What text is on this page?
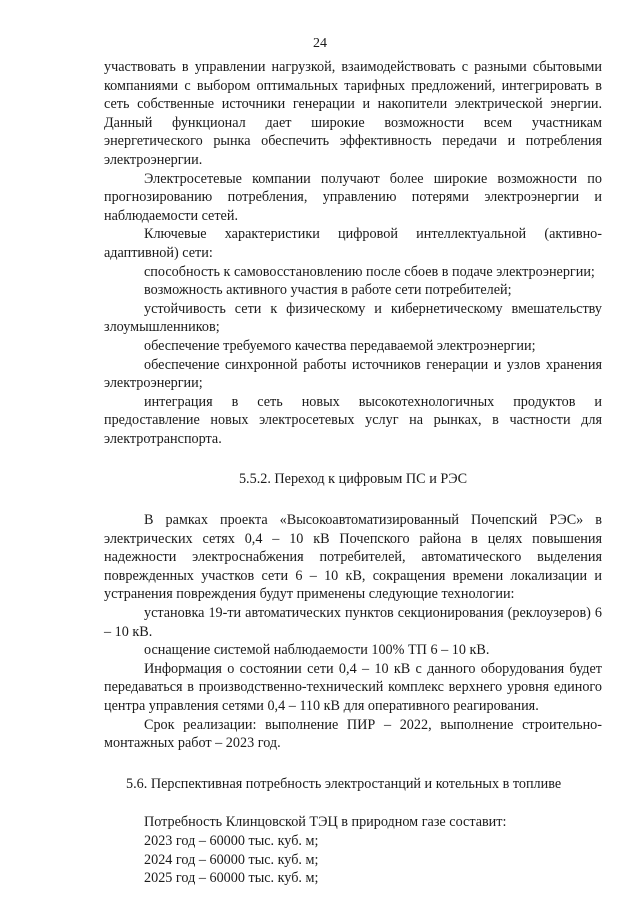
24

участвовать в управлении нагрузкой, взаимодействовать с разными сбытовыми компаниями с выбором оптимальных тарифных предложений, интегрировать в сеть собственные источники генерации и накопители электрической энергии. Данный функционал дает широкие возможности всем участникам энергетического рынка обеспечить эффективность передачи и потребления электроэнергии.

Электросетевые компании получают более широкие возможности по прогнозированию потребления, управлению потерями электроэнергии и наблюдаемости сетей.

Ключевые характеристики цифровой интеллектуальной (активно-адаптивной) сети:

способность к самовосстановлению после сбоев в подаче электроэнергии;

возможность активного участия в работе сети потребителей;

устойчивость сети к физическому и кибернетическому вмешательству злоумышленников;

обеспечение требуемого качества передаваемой электроэнергии;

обеспечение синхронной работы источников генерации и узлов хранения электроэнергии;

интеграция в сеть новых высокотехнологичных продуктов и предоставление новых электросетевых услуг на рынках, в частности для электротранспорта.

5.5.2. Переход к цифровым ПС и РЭС

В рамках проекта «Высокоавтоматизированный Почепский РЭС» в электрических сетях 0,4 – 10 кВ Почепского района в целях повышения надежности электроснабжения потребителей, автоматического выделения поврежденных участков сети 6 – 10 кВ, сокращения времени локализации и устранения повреждения будут применены следующие технологии:

установка 19-ти автоматических пунктов секционирования (реклоузеров) 6 – 10 кВ.

оснащение системой наблюдаемости 100% ТП 6 – 10 кВ.

Информация о состоянии сети 0,4 – 10 кВ с данного оборудования будет передаваться в производственно-технический комплекс верхнего уровня единого центра управления сетями 0,4 – 110 кВ для оперативного реагирования.

Срок реализации: выполнение ПИР – 2022, выполнение строительно-монтажных работ – 2023 год.

5.6. Перспективная потребность электростанций и котельных в топливе

Потребность Клинцовской ТЭЦ в природном газе составит:

2023 год – 60000 тыс. куб. м;

2024 год – 60000 тыс. куб. м;

2025 год – 60000 тыс. куб. м;
